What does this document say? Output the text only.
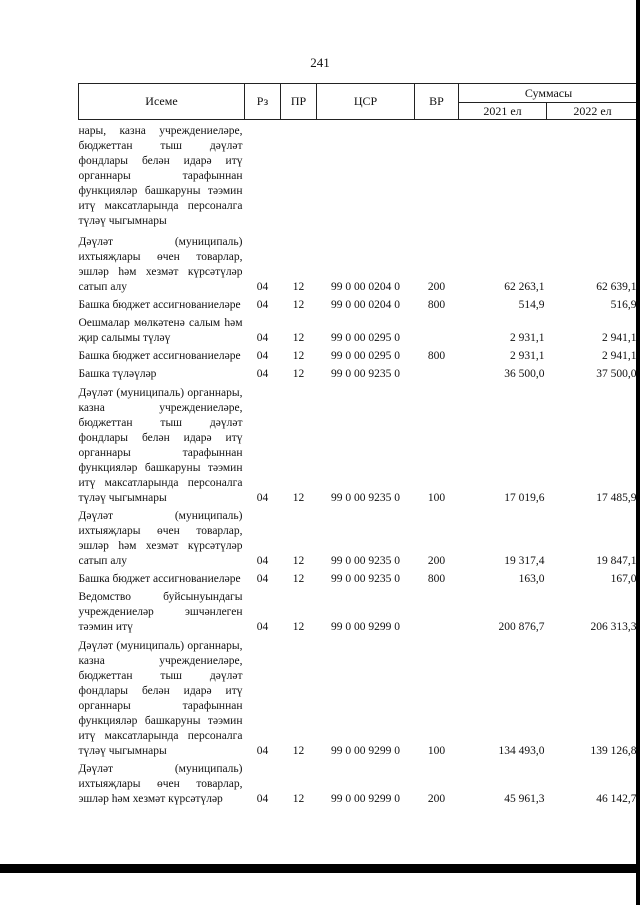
241
Исеме	Рз	ПР	ЦСР	ВР	Суммасы	
					2021 ел	2022 ел
нары, казна учреждениеләре, бюджеттан тыш дәүләт фондлары белән идарә итү органнары тарафыннан функцияләр башкаруны тәэмин итү максатларында персоналга түләү чыгымнары						
Дәүләт (муниципаль) ихтыяҗлары өчен товарлар, эшләр һәм хезмәт күрсәтүләр сатып алу	04	12	99 0 00 0204 0	200	62 263,1	62 639,1
Башка бюджет ассигнованиеләре	04	12	99 0 00 0204 0	800	514,9	516,9
Оешмалар мөлкәтенә салым һәм җир салымы түләү	04	12	99 0 00 0295 0		2 931,1	2 941,1
Башка бюджет ассигнованиеләре	04	12	99 0 00 0295 0	800	2 931,1	2 941,1
Башка түләүләр	04	12	99 0 00 9235 0		36 500,0	37 500,0
Дәүләт (муниципаль) органнары, казна учреждениеләре, бюджеттан тыш дәүләт фондлары белән идарә итү органнары тарафыннан функцияләр башкаруны тәэмин итү максатларында персоналга түләү чыгымнары	04	12	99 0 00 9235 0	100	17 019,6	17 485,9
Дәүләт (муниципаль) ихтыяҗлары өчен товарлар, эшләр һәм хезмәт күрсәтүләр сатып алу	04	12	99 0 00 9235 0	200	19 317,4	19 847,1
Башка бюджет ассигнованиеләре	04	12	99 0 00 9235 0	800	163,0	167,0
Ведомство буйсынуындагы учреждениеләр эшчәнлеген тәэмин итү	04	12	99 0 00 9299 0		200 876,7	206 313,3
Дәүләт (муниципаль) органнары, казна учреждениеләре, бюджеттан тыш дәүләт фондлары белән идарә итү органнары тарафыннан функцияләр башкаруны тәэмин итү максатларында персоналга түләү чыгымнары	04	12	99 0 00 9299 0	100	134 493,0	139 126,8
Дәүләт (муниципаль) ихтыяҗлары өчен товарлар, эшләр һәм хезмәт күрсәтүләр	04	12	99 0 00 9299 0	200	45 961,3	46 142,7
